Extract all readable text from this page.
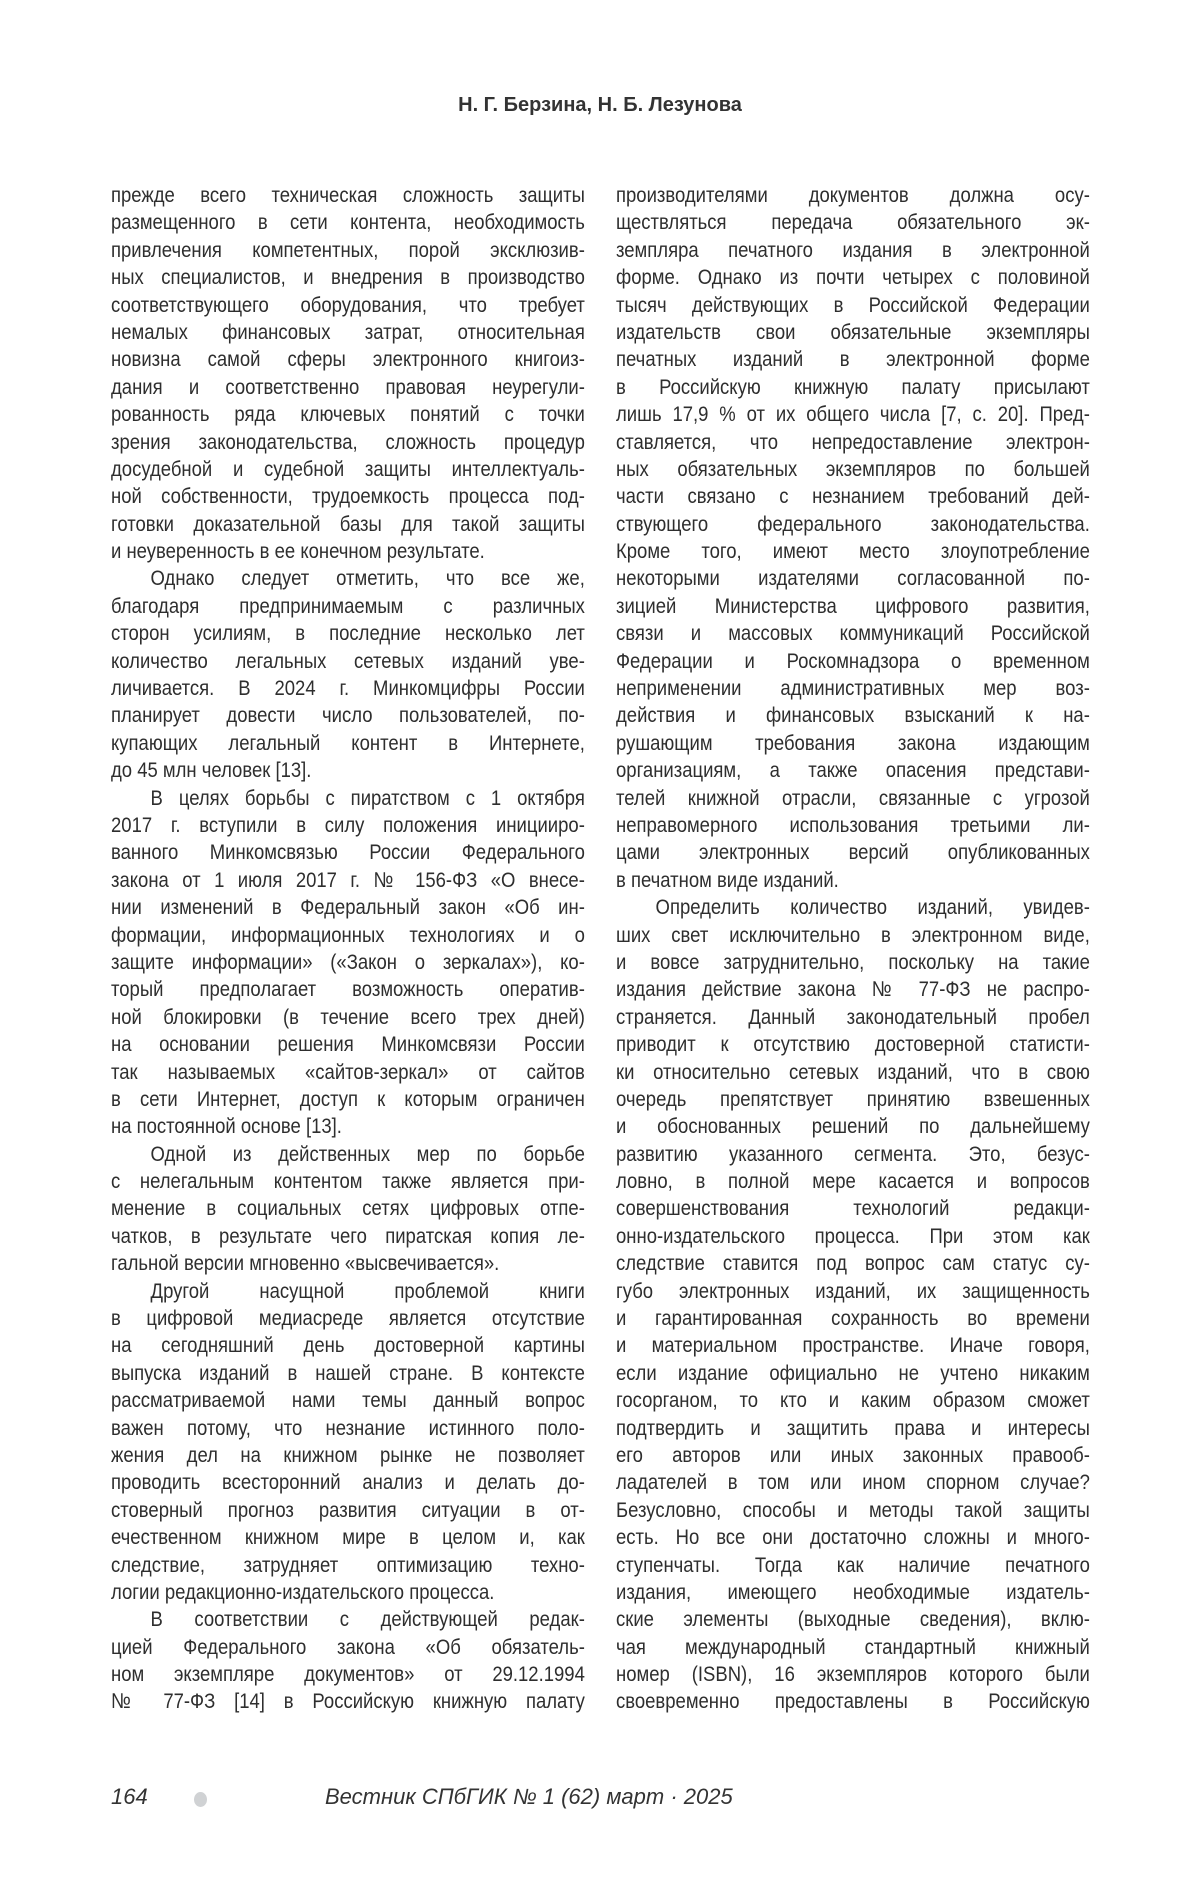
Н. Г. Берзина, Н. Б. Лезунова
прежде всего техническая сложность защиты
размещенного в сети контента, необходимость
привлечения компетентных, порой эксклюзив-
ных специалистов, и внедрения в производство
соответствующего оборудования, что требует
немалых финансовых затрат, относительная
новизна самой сферы электронного книгоиз-
дания и соответственно правовая неурегули-
рованность ряда ключевых понятий с точки
зрения законодательства, сложность процедур
досудебной и судебной защиты интеллектуаль-
ной собственности, трудоемкость процесса под-
готовки доказательной базы для такой защиты
и неуверенность в ее конечном результате.
Однако следует отметить, что все же,
благодаря предпринимаемым с различных
сторон усилиям, в последние несколько лет
количество легальных сетевых изданий уве-
личивается. В 2024 г. Минкомцифры России
планирует довести число пользователей, по-
купающих легальный контент в Интернете,
до 45 млн человек [13].
В целях борьбы с пиратством с 1 октября
2017 г. вступили в силу положения иницииро-
ванного Минкомсвязью России Федерального
закона от 1 июля 2017 г. № 156-ФЗ «О внесе-
нии изменений в Федеральный закон «Об ин-
формации, информационных технологиях и о
защите информации» («Закон о зеркалах»), ко-
торый предполагает возможность оператив-
ной блокировки (в течение всего трех дней)
на основании решения Минкомсвязи России
так называемых «сайтов-зеркал» от сайтов
в сети Интернет, доступ к которым ограничен
на постоянной основе [13].
Одной из действенных мер по борьбе
с нелегальным контентом также является при-
менение в социальных сетях цифровых отпе-
чатков, в результате чего пиратская копия ле-
гальной версии мгновенно «высвечивается».
Другой насущной проблемой книги
в цифровой медиасреде является отсутствие
на сегодняшний день достоверной картины
выпуска изданий в нашей стране. В контексте
рассматриваемой нами темы данный вопрос
важен потому, что незнание истинного поло-
жения дел на книжном рынке не позволяет
проводить всесторонний анализ и делать до-
стоверный прогноз развития ситуации в от-
ечественном книжном мире в целом и, как
следствие, затрудняет оптимизацию техно-
логии редакционно-издательского процесса.
В соответствии с действующей редак-
цией Федерального закона «Об обязатель-
ном экземпляре документов» от 29.12.1994
№ 77-ФЗ [14] в Российскую книжную палату
производителями документов должна осу-
ществляться передача обязательного эк-
земпляра печатного издания в электронной
форме. Однако из почти четырех с половиной
тысяч действующих в Российской Федерации
издательств свои обязательные экземпляры
печатных изданий в электронной форме
в Российскую книжную палату присылают
лишь 17,9 % от их общего числа [7, с. 20]. Пред-
ставляется, что непредоставление электрон-
ных обязательных экземпляров по большей
части связано с незнанием требований дей-
ствующего федерального законодательства.
Кроме того, имеют место злоупотребление
некоторыми издателями согласованной по-
зицией Министерства цифрового развития,
связи и массовых коммуникаций Российской
Федерации и Роскомнадзора о временном
неприменении административных мер воз-
действия и финансовых взысканий к на-
рушающим требования закона издающим
организациям, а также опасения представи-
телей книжной отрасли, связанные с угрозой
неправомерного использования третьими ли-
цами электронных версий опубликованных
в печатном виде изданий.
Определить количество изданий, увидев-
ших свет исключительно в электронном виде,
и вовсе затруднительно, поскольку на такие
издания действие закона № 77-ФЗ не распро-
страняется. Данный законодательный пробел
приводит к отсутствию достоверной статисти-
ки относительно сетевых изданий, что в свою
очередь препятствует принятию взвешенных
и обоснованных решений по дальнейшему
развитию указанного сегмента. Это, безус-
ловно, в полной мере касается и вопросов
совершенствования технологий редакци-
онно-издательского процесса. При этом как
следствие ставится под вопрос сам статус су-
губо электронных изданий, их защищенность
и гарантированная сохранность во времени
и материальном пространстве. Иначе говоря,
если издание официально не учтено никаким
госорганом, то кто и каким образом сможет
подтвердить и защитить права и интересы
его авторов или иных законных правооб-
ладателей в том или ином спорном случае?
Безусловно, способы и методы такой защиты
есть. Но все они достаточно сложны и много-
ступенчаты. Тогда как наличие печатного
издания, имеющего необходимые издатель-
ские элементы (выходные сведения), вклю-
чая международный стандартный книжный
номер (ISBN), 16 экземпляров которого были
своевременно предоставлены в Российскую
164	Вестник СПбГИК № 1 (62) март · 2025
